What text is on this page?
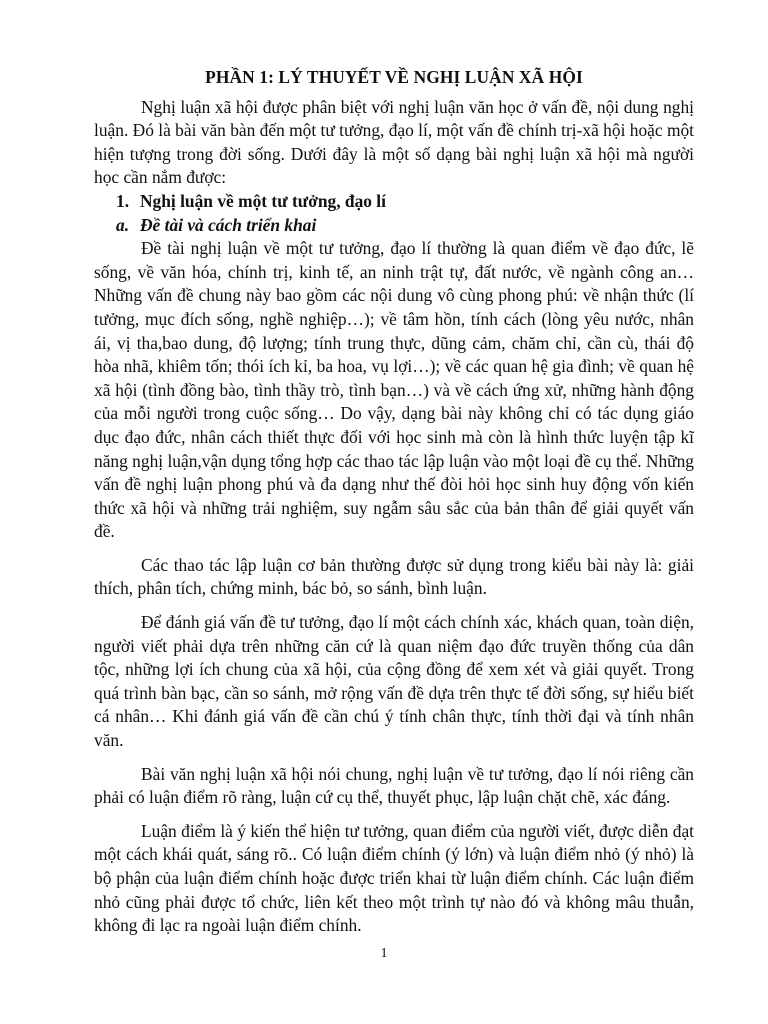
PHẦN 1: LÝ THUYẾT VỀ NGHỊ LUẬN XÃ HỘI

Nghị luận xã hội được phân biệt với nghị luận văn học ở vấn đề, nội dung nghị luận. Đó là bài văn bàn đến một tư tưởng, đạo lí, một vấn đề chính trị-xã hội hoặc một hiện tượng trong đời sống. Dưới đây là một số dạng bài nghị luận xã hội mà người học cần nắm được:

1. Nghị luận về một tư tưởng, đạo lí

a. Đề tài và cách triển khai

Đề tài nghị luận về một tư tưởng, đạo lí thường là quan điểm về đạo đức, lẽ sống, về văn hóa, chính trị, kinh tế, an ninh trật tự, đất nước, về ngành công an… Những vấn đề chung này bao gồm các nội dung vô cùng phong phú: về nhận thức (lí tưởng, mục đích sống, nghề nghiệp…); về tâm hồn, tính cách (lòng yêu nước, nhân ái, vị tha,bao dung, độ lượng; tính trung thực, dũng cảm, chăm chỉ, cần cù, thái độ hòa nhã, khiêm tốn; thói ích kỉ, ba hoa, vụ lợi…); về các quan hệ gia đình; về quan hệ xã hội (tình đồng bào, tình thầy trò, tình bạn…) và về cách ứng xử, những hành động của mỗi người trong cuộc sống… Do vậy, dạng bài này không chỉ có tác dụng giáo dục đạo đức, nhân cách thiết thực đối với học sinh mà còn là hình thức luyện tập kĩ năng nghị luận,vận dụng tổng hợp các thao tác lập luận vào một loại đề cụ thể. Những vấn đề nghị luận phong phú và đa dạng như thế đòi hỏi học sinh huy động vốn kiến thức xã hội và những trải nghiệm, suy ngẫm sâu sắc của bản thân để giải quyết vấn đề.

Các thao tác lập luận cơ bản thường được sử dụng trong kiểu bài này là: giải thích, phân tích, chứng minh, bác bỏ, so sánh, bình luận.

Để đánh giá vấn đề tư tưởng, đạo lí một cách chính xác, khách quan, toàn diện, người viết phải dựa trên những căn cứ là quan niệm đạo đức truyền thống của dân tộc, những lợi ích chung của xã hội, của cộng đồng để xem xét và giải quyết. Trong quá trình bàn bạc, cần so sánh, mở rộng vấn đề dựa trên thực tế đời sống, sự hiểu biết cá nhân… Khi đánh giá vấn đề cần chú ý tính chân thực, tính thời đại và tính nhân văn.

Bài văn nghị luận xã hội nói chung, nghị luận về tư tưởng, đạo lí nói riêng cần phải có luận điểm rõ ràng, luận cứ cụ thể, thuyết phục, lập luận chặt chẽ, xác đáng.

Luận điểm là ý kiến thể hiện tư tưởng, quan điểm của người viết, được diễn đạt một cách khái quát, sáng rõ.. Có luận điểm chính (ý lớn) và luận điểm nhỏ (ý nhỏ) là bộ phận của luận điểm chính hoặc được triển khai từ luận điểm chính. Các luận điểm nhỏ cũng phải được tổ chức, liên kết theo một trình tự nào đó và không mâu thuẫn, không đi lạc ra ngoài luận điểm chính.

1
